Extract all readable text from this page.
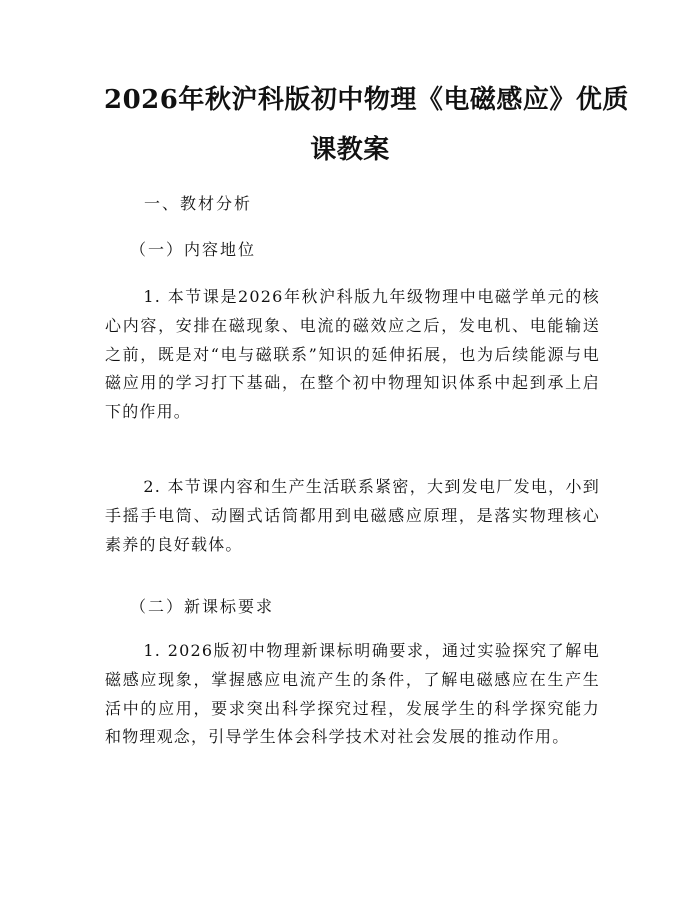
2026年秋沪科版初中物理《电磁感应》优质
课教案
一、教材分析
（一）内容地位
1. 本节课是2026年秋沪科版九年级物理中电磁学单元的核心内容，安排在磁现象、电流的磁效应之后，发电机、电能输送之前，既是对“电与磁联系”知识的延伸拓展，也为后续能源与电磁应用的学习打下基础，在整个初中物理知识体系中起到承上启下的作用。
2. 本节课内容和生产生活联系紧密，大到发电厂发电，小到手摇手电筒、动圈式话筒都用到电磁感应原理，是落实物理核心素养的良好载体。
（二）新课标要求
1. 2026版初中物理新课标明确要求，通过实验探究了解电磁感应现象，掌握感应电流产生的条件，了解电磁感应在生产生活中的应用，要求突出科学探究过程，发展学生的科学探究能力和物理观念，引导学生体会科学技术对社会发展的推动作用。
